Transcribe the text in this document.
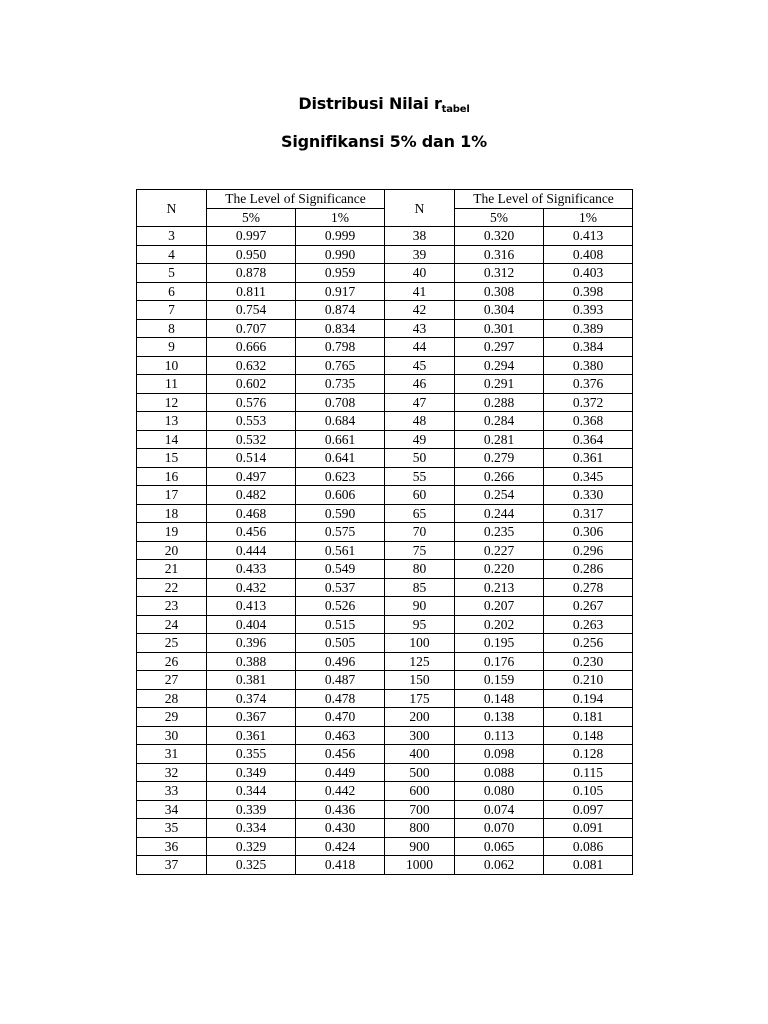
Distribusi Nilai $r_{tabel}$
Signifikansi 5% dan 1%
N	The Level of Significance		N	The Level of Significance	
	5%	1%		5%	1%
3	0.997	0.999	38	0.320	0.413
4	0.950	0.990	39	0.316	0.408
5	0.878	0.959	40	0.312	0.403
6	0.811	0.917	41	0.308	0.398
7	0.754	0.874	42	0.304	0.393
8	0.707	0.834	43	0.301	0.389
9	0.666	0.798	44	0.297	0.384
10	0.632	0.765	45	0.294	0.380
11	0.602	0.735	46	0.291	0.376
12	0.576	0.708	47	0.288	0.372
13	0.553	0.684	48	0.284	0.368
14	0.532	0.661	49	0.281	0.364
15	0.514	0.641	50	0.279	0.361
16	0.497	0.623	55	0.266	0.345
17	0.482	0.606	60	0.254	0.330
18	0.468	0.590	65	0.244	0.317
19	0.456	0.575	70	0.235	0.306
20	0.444	0.561	75	0.227	0.296
21	0.433	0.549	80	0.220	0.286
22	0.432	0.537	85	0.213	0.278
23	0.413	0.526	90	0.207	0.267
24	0.404	0.515	95	0.202	0.263
25	0.396	0.505	100	0.195	0.256
26	0.388	0.496	125	0.176	0.230
27	0.381	0.487	150	0.159	0.210
28	0.374	0.478	175	0.148	0.194
29	0.367	0.470	200	0.138	0.181
30	0.361	0.463	300	0.113	0.148
31	0.355	0.456	400	0.098	0.128
32	0.349	0.449	500	0.088	0.115
33	0.344	0.442	600	0.080	0.105
34	0.339	0.436	700	0.074	0.097
35	0.334	0.430	800	0.070	0.091
36	0.329	0.424	900	0.065	0.086
37	0.325	0.418	1000	0.062	0.081
